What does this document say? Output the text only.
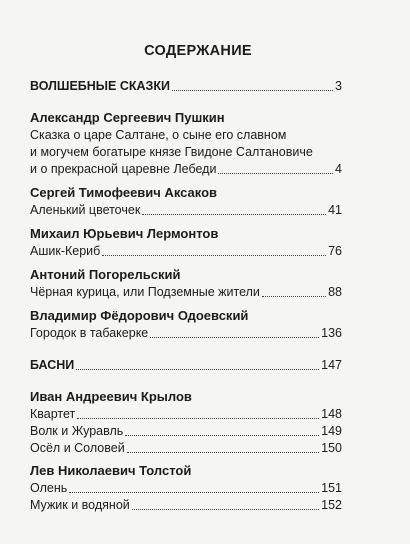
СОДЕРЖАНИЕ
ВОЛШЕБНЫЕ СКАЗКИ	3
Александр Сергеевич Пушкин
Сказка о царе Салтане, о сыне его славном
и могучем богатыре князе Гвидоне Салтановиче
и о прекрасной царевне Лебеди	4
Сергей Тимофеевич Аксаков
Аленький цветочек	41
Михаил Юрьевич Лермонтов
Ашик-Кериб	76
Антоний Погорельский
Чёрная курица, или Подземные жители	88
Владимир Фёдорович Одоевский
Городок в табакерке	136
БАСНИ	147
Иван Андреевич Крылов
Квартет	148
Волк и Журавль	149
Осёл и Соловей	150
Лев Николаевич Толстой
Олень	151
Мужик и водяной	152
